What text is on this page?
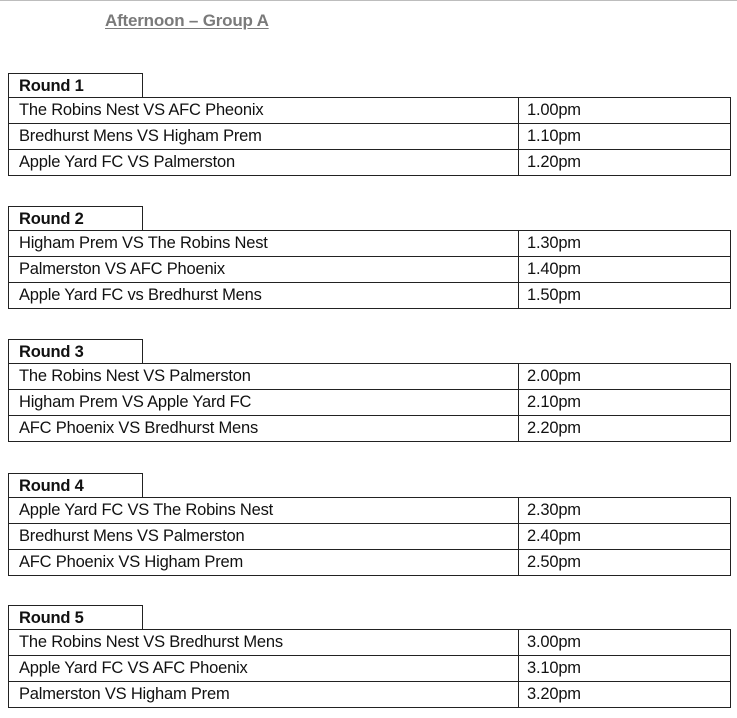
Afternoon – Group A
Round 1
The Robins Nest VS AFC Pheonix	1.00pm
Bredhurst Mens VS Higham Prem	1.10pm
Apple Yard FC VS Palmerston	1.20pm
Round 2
Higham Prem VS The Robins Nest	1.30pm
Palmerston VS AFC Phoenix	1.40pm
Apple Yard FC vs Bredhurst Mens	1.50pm
Round 3
The Robins Nest VS Palmerston	2.00pm
Higham Prem VS Apple Yard FC	2.10pm
AFC Phoenix VS Bredhurst Mens	2.20pm
Round 4
Apple Yard FC VS The Robins Nest	2.30pm
Bredhurst Mens VS Palmerston	2.40pm
AFC Phoenix VS Higham Prem	2.50pm
Round 5
The Robins Nest VS Bredhurst Mens	3.00pm
Apple Yard FC VS AFC Phoenix	3.10pm
Palmerston VS Higham Prem	3.20pm
